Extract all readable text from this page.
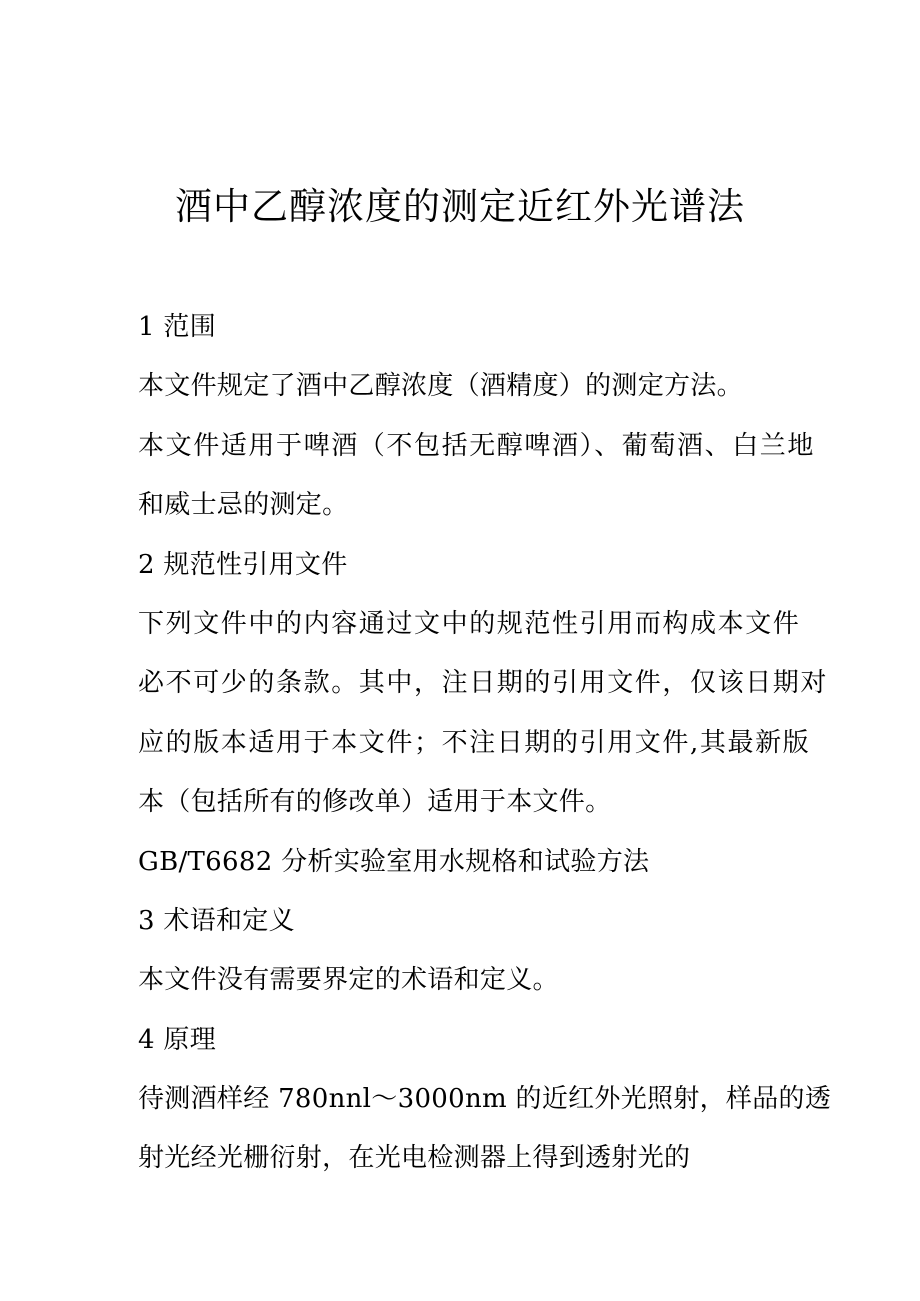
酒中乙醇浓度的测定近红外光谱法
1 范围
本文件规定了酒中乙醇浓度（酒精度）的测定方法。
本文件适用于啤酒（不包括无醇啤酒）、葡萄酒、白兰地
和威士忌的测定。
2 规范性引用文件
下列文件中的内容通过文中的规范性引用而构成本文件
必不可少的条款。其中，注日期的引用文件，仅该日期对
应的版本适用于本文件；不注日期的引用文件,其最新版
本（包括所有的修改单）适用于本文件。
GB/T6682 分析实验室用水规格和试验方法
3 术语和定义
本文件没有需要界定的术语和定义。
4 原理
待测酒样经 780nnl～3000nm 的近红外光照射，样品的透
射光经光栅衍射，在光电检测器上得到透射光的
